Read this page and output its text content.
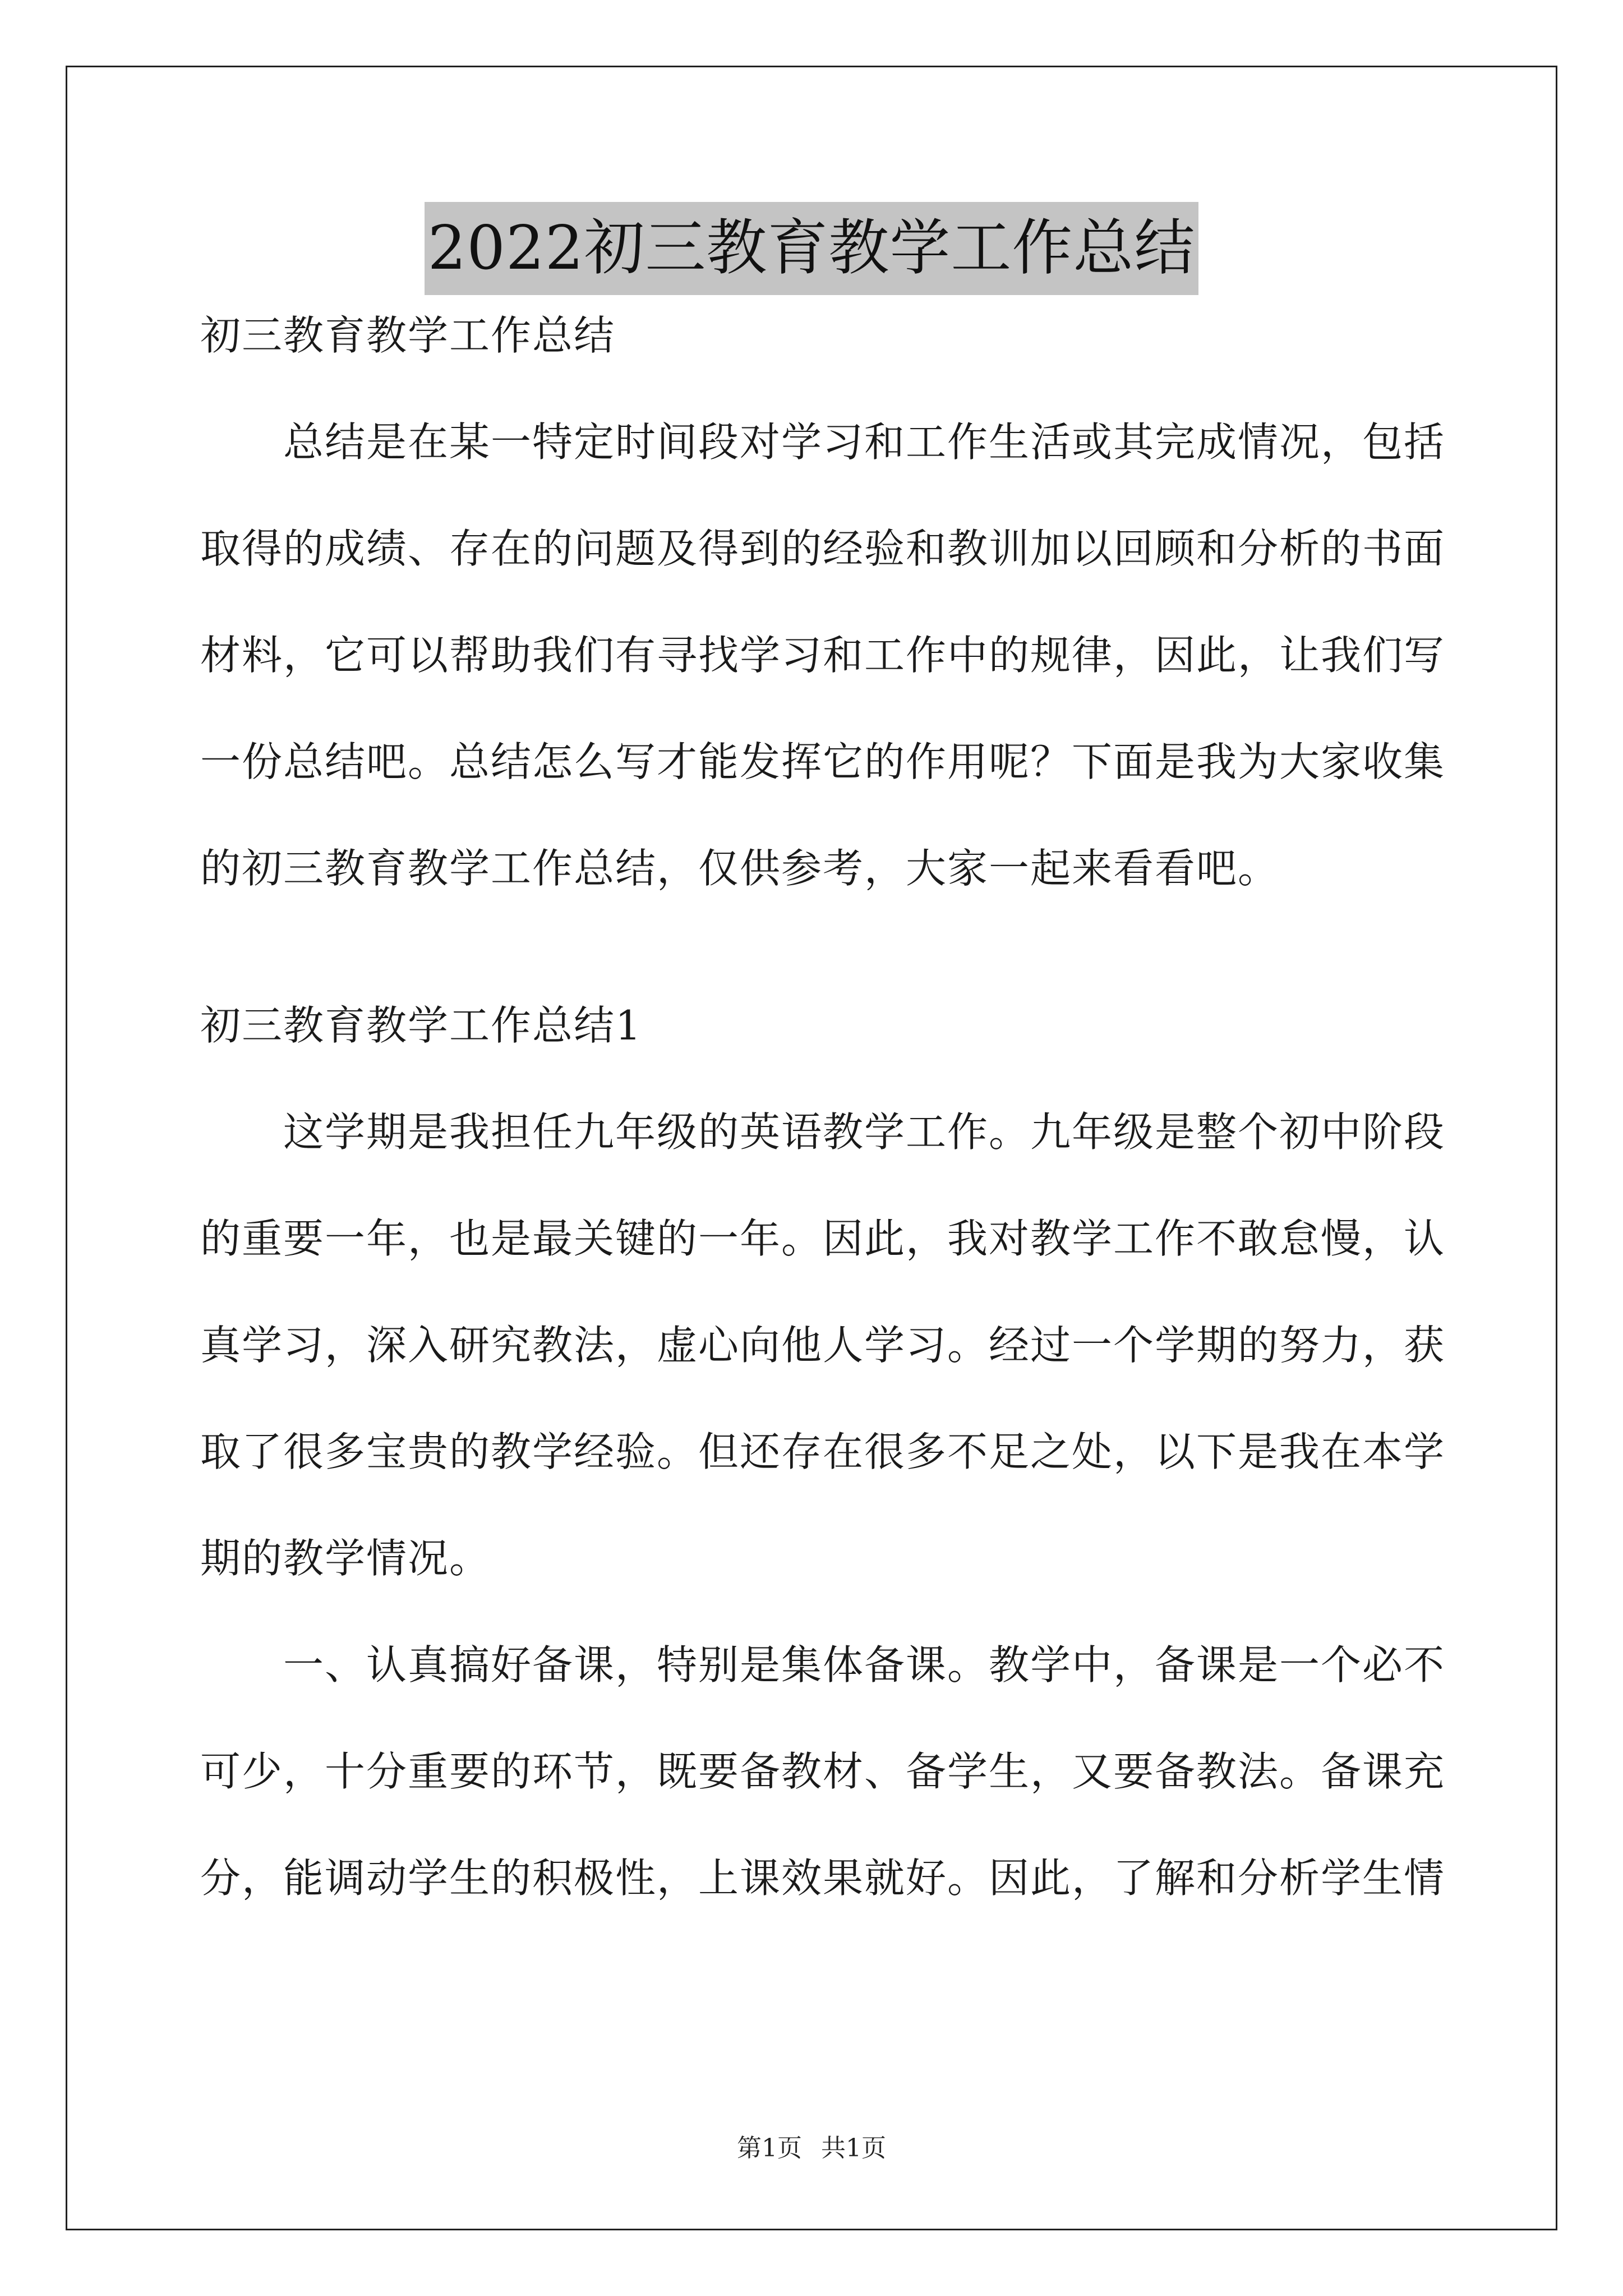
2022初三教育教学工作总结
初三教育教学工作总结
总结是在某一特定时间段对学习和工作生活或其完成情况，包括
取得的成绩、存在的问题及得到的经验和教训加以回顾和分析的书面
材料，它可以帮助我们有寻找学习和工作中的规律，因此，让我们写
一份总结吧。总结怎么写才能发挥它的作用呢？下面是我为大家收集
的初三教育教学工作总结，仅供参考，大家一起来看看吧。
初三教育教学工作总结1
这学期是我担任九年级的英语教学工作。九年级是整个初中阶段
的重要一年，也是最关键的一年。因此，我对教学工作不敢怠慢，认
真学习，深入研究教法，虚心向他人学习。经过一个学期的努力，获
取了很多宝贵的教学经验。但还存在很多不足之处，以下是我在本学
期的教学情况。
一、认真搞好备课，特别是集体备课。教学中，备课是一个必不
可少，十分重要的环节，既要备教材、备学生，又要备教法。备课充
分，能调动学生的积极性，上课效果就好。因此，了解和分析学生情
第1页 共1页
